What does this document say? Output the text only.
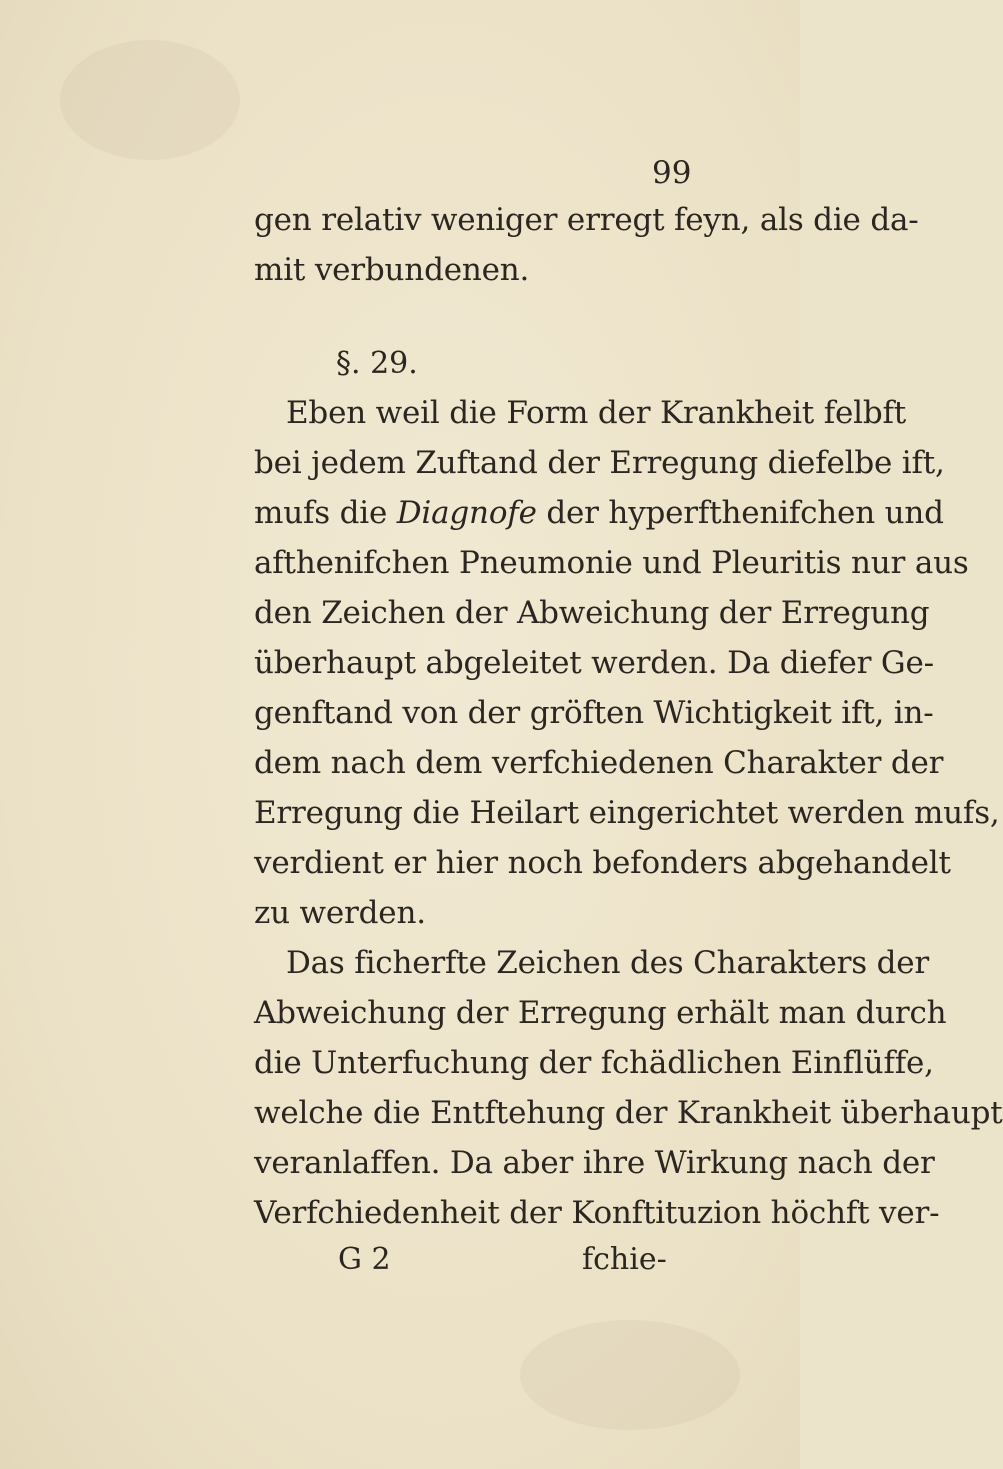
99
gen relativ weniger erregt feyn, als die da-
mit verbundenen.
§. 29.
Eben weil die Form der Krankheit felbft
bei jedem Zuftand der Erregung diefelbe ift,
mufs die Diagnofe der hyperfthenifchen und
afthenifchen Pneumonie und Pleuritis nur aus
den Zeichen der Abweichung der Erregung
überhaupt abgeleitet werden. Da diefer Ge-
genftand von der gröften Wichtigkeit ift, in-
dem nach dem verfchiedenen Charakter der
Erregung die Heilart eingerichtet werden mufs,
verdient er hier noch befonders abgehandelt
zu werden.
Das ficherfte Zeichen des Charakters der
Abweichung der Erregung erhält man durch
die Unterfuchung der fchädlichen Einflüffe,
welche die Entftehung der Krankheit überhaupt
veranlaffen. Da aber ihre Wirkung nach der
Verfchiedenheit der Konftituzion höchft ver-
G 2	fchie-
